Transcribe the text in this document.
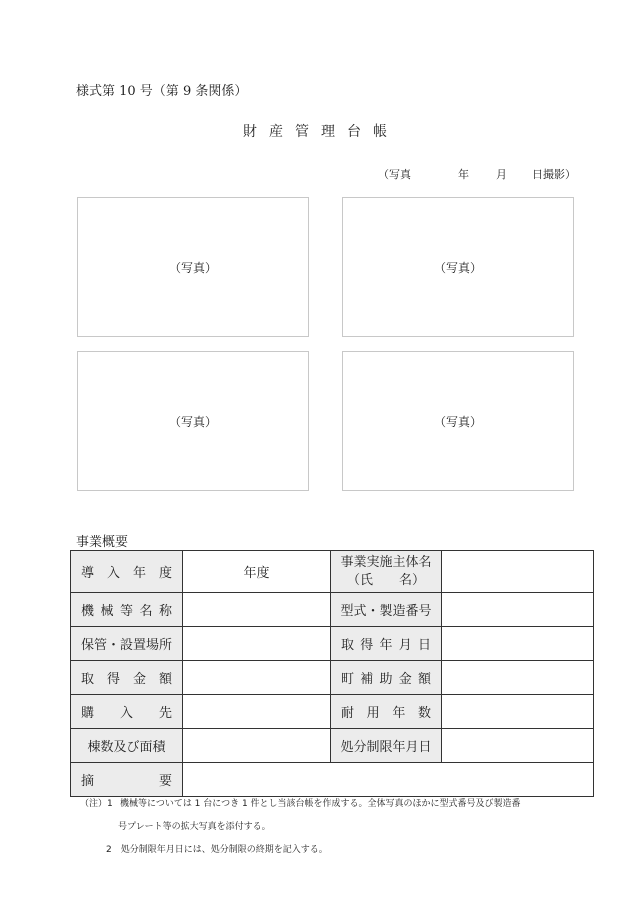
様式第 10 号（第 9 条関係）
財産管理台帳
（写真	年	月	日撮影）
（写真）	（写真）
（写真）	（写真）
事業概要
導入年度	年度	事業実施主体名
（氏　　名）	

機械等名称		型式・製造番号	
保管・設置場所		取得年月日	
取得金額		町補助金額	
購入先		耐用年数	
棟数及び面積		処分制限年月日	
摘要			
（注）1 機械等については 1 台につき 1 件とし当該台帳を作成する。全体写真のほかに型式番号及び製造番
号プレート等の拡大写真を添付する。
2　処分制限年月日には、処分制限の終期を記入する。
